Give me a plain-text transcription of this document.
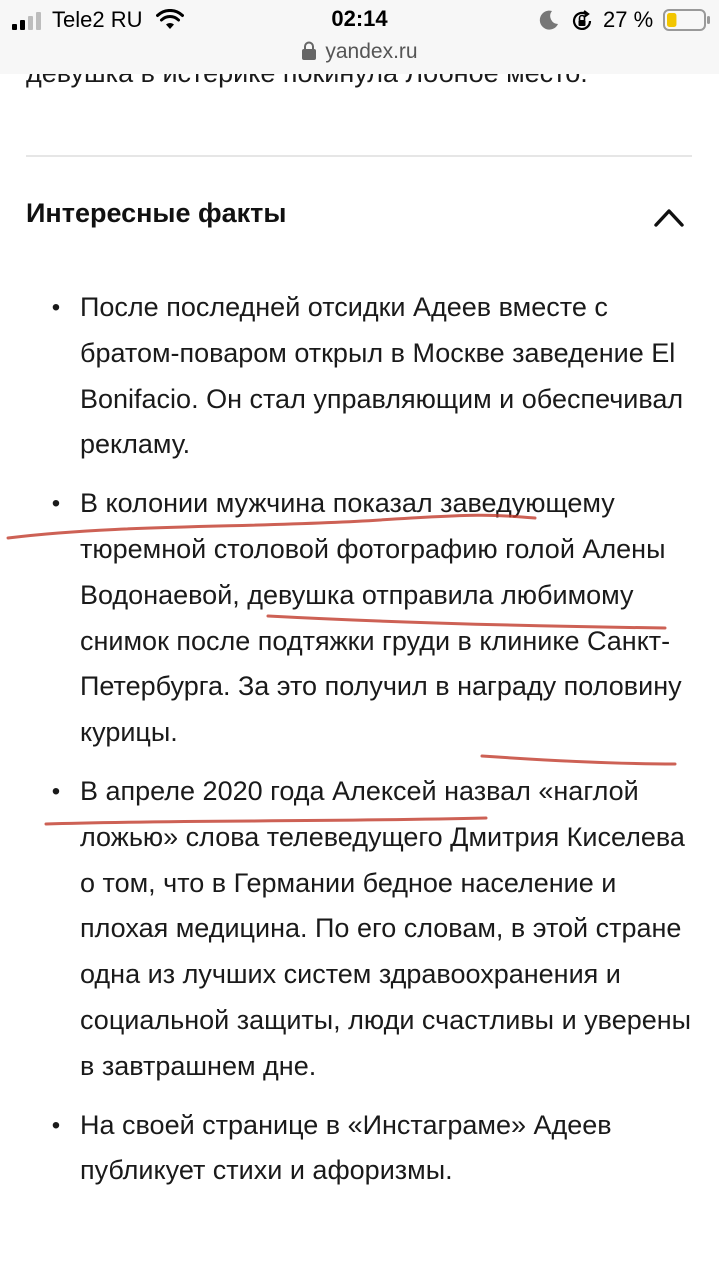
Tele2 RU	02:14	27 %
yandex.ru
Интересные факты
• После последней отсидки Адеев вместе с братом-поваром открыл в Москве заведение El Bonifacio. Он стал управляющим и обеспечивал рекламу.
• В колонии мужчина показал заведующему тюремной столовой фотографию голой Алены Водонаевой, девушка отправила любимому снимок после подтяжки груди в клинике Санкт-Петербурга. За это получил в награду половину курицы.
• В апреле 2020 года Алексей назвал «наглой ложью» слова телеведущего Дмитрия Киселева о том, что в Германии бедное население и плохая медицина. По его словам, в этой стране одна из лучших систем здравоохранения и социальной защиты, люди счастливы и уверены в завтрашнем дне.
• На своей странице в «Инстаграме» Адеев публикует стихи и афоризмы.
